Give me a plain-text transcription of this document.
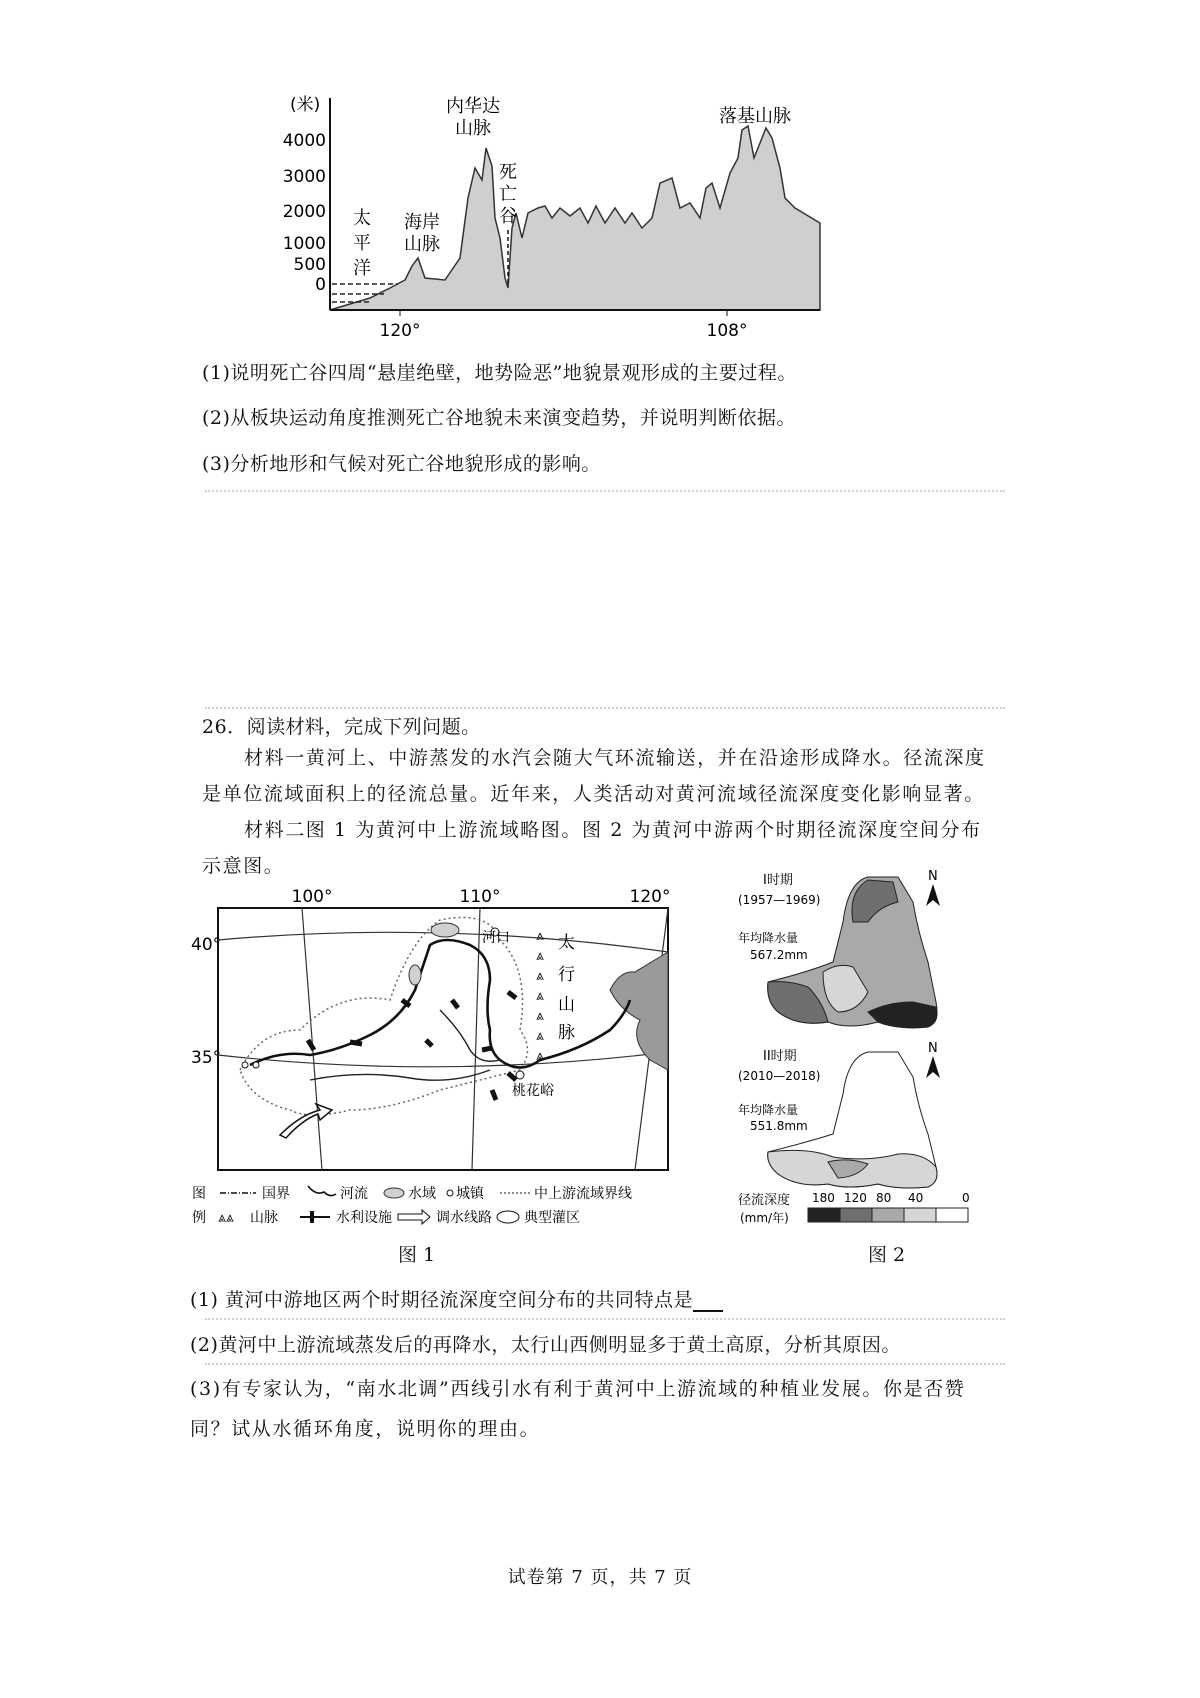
(米)
4000
3000
2000
1000
500
0
120°	108°
太
平
洋
海岸
山脉
内华达
山脉
死
亡
谷
落基山脉
(1)说明死亡谷四周“悬崖绝壁，地势险恶”地貌景观形成的主要过程。
(2)从板块运动角度推测死亡谷地貌未来演变趋势，并说明判断依据。
(3)分析地形和气候对死亡谷地貌形成的影响。
26．阅读材料，完成下列问题。
材料一黄河上、中游蒸发的水汽会随大气环流输送，并在沿途形成降水。径流深度是单位流域面积上的径流总量。近年来，人类活动对黄河流域径流深度变化影响显著。
材料二图 1 为黄河中上游流域略图。图 2 为黄河中游两个时期径流深度空间分布示意图。
100°	110°	120°
40°
35°
河口
桃花峪
⩓
⩓
⩓
⩓
⩓
⩓
⩓
太
行
山
脉
图
例
国界	河流	水域 城镇	中上游流域界线
⩓⩓ 山脉	水利设施	调水线路 典型灌区
图 1
I时期
(1957—1969)
年均降水量
567.2mm
N
II时期
(2010—2018)
年均降水量
551.8mm
N
径流深度
(mm/年)
180 120 80 40	0
图 2
(1) 黄河中游地区两个时期径流深度空间分布的共同特点是
(2)黄河中上游流域蒸发后的再降水，太行山西侧明显多于黄土高原，分析其原因。
(3)有专家认为，“南水北调”西线引水有利于黄河中上游流域的种植业发展。你是否赞同？试从水循环角度，说明你的理由。
试卷第 7 页，共 7 页
